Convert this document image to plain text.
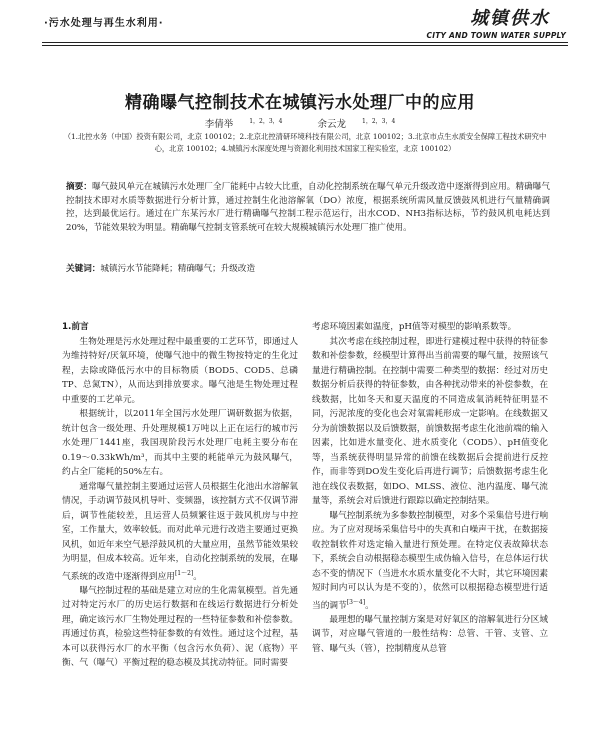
·污水处理与再生水利用·	城镇供水
CITY AND TOWN WATER SUPPLY
精确曝气控制技术在城镇污水处理厂中的应用
李倩举	$^{1,2,3,4}$	余云龙	$^{1,2,3,4}$
（1.北控水务（中国）投资有限公司，北京 100102；2.北京北控清研环境科技有限公司，北京 100102；3.北京市点生水质安全保障工程技术研究中心，北京 100102；4.城镇污水深度处理与资源化利用技术国家工程实验室，北京 100102）
摘要：曝气鼓风单元在城镇污水处理厂全厂能耗中占较大比重，自动化控制系统在曝气单元升级改造中逐渐得到应用。精确曝气控制技术即对水质等数据进行分析计算，通过控制生化池溶解氧（DO）浓度，根据系统所需风量反馈鼓风机进行气量精确调控，达到最优运行。通过在广东某污水厂进行精确曝气控制工程示范运行，出水COD、NH3指标达标，节约鼓风机电耗达到20%，节能效果较为明显。精确曝气控制支管系统可在较大规模城镇污水处理厂推广使用。
关键词：城镇污水节能降耗；精确曝气；升级改造

1.前言

生物处理是污水处理过程中最重要的工艺环节，即通过人为维持特好/厌氧环境，使曝气池中的微生物按特定的生化过程，去除或降低污水中的目标物质（BOD5、COD5、总磷TP、总氮TN），从而达到排放要求。曝气池是生物处理过程中重要的工艺单元。

根据统计，以2011年全国污水处理厂调研数据为依据，统计包含一级处理、升处理规模1万吨以上正在运行的城市污水处理厂1441座，我国现阶段污水处理厂电耗主要分布在0.19～0.33kWh/m³，而其中主要的耗能单元为鼓风曝气，约占全厂能耗的50%左右。

通常曝气量控制主要通过运营人员根据生化池出水溶解氧情况，手动调节鼓风机导叶、变频器，该控制方式不仅调节滞后，调节性能较差，且运营人员频繁往返于鼓风机房与中控室，工作量大，效率较低。而对此单元进行改造主要通过更换风机，如近年来空气悬浮鼓风机的大量应用，虽然节能效果较为明显，但成本较高。近年来，自动化控制系统的发展，在曝气系统的改造中逐渐得到应用[1～2]。

曝气控制过程的基础是建立对应的生化需氧模型。首先通过对特定污水厂的历史运行数据和在线运行数据进行分析处理，确定该污水厂生物处理过程的一些特征参数和补偿参数。再通过仿真，检验这些特征参数的有效性。通过这个过程，基本可以获得污水厂的水平衡（包含污水负荷）、泥（底物）平衡、气（曝气）平衡过程的稳态模及其扰动特征。同时需要

考虑环境因素如温度，pH值等对模型的影响系数等。

其次考虑在线控制过程，即进行建模过程中获得的特征参数和补偿参数，经模型计算得出当前需要的曝气量，按照该气量进行精确控制。在控制中需要二种类型的数据：经过对历史数据分析后获得的特征参数，由各种扰动带来的补偿参数，在线数据，比如冬天和夏天温度的不同造成氧消耗特征明显不同，污泥浓度的变化也会对氧需耗形成一定影响。在线数据又分为前馈数据以及后馈数据，前馈数据考虑生化池前端的输入因素，比如进水量变化、进水质变化（COD5）、pH值变化等，当系统获得明显异常的前馈在线数据后会提前进行反控作，而非等到DO发生变化后再进行调节；后馈数据考虑生化池在线仪表数据，如DO、MLSS、液位、池内温度、曝气流量等，系统会对后馈进行跟踪以确定控制结果。

曝气控制系统为多参数控制模型，对多个采集信号进行响应。为了应对现场采集信号中的失真和白噪声干扰，在数据接收控制软件对迭定输入量进行预处理。在特定仪表故障状态下，系统会自动根据稳态模型生成伪输入信号，在总体运行状态不变的情况下（当进水水质水量变化不大时，其它环境因素短时间内可以认为是不变的），依然可以根据稳态模型进行适当的调节[3～4]。

最理想的曝气量控制方案是对好氧区的溶解氧进行分区域调节，对应曝气管道的一般性结构：总管、干管、支管、立管、曝气头（管），控制精度从总管
